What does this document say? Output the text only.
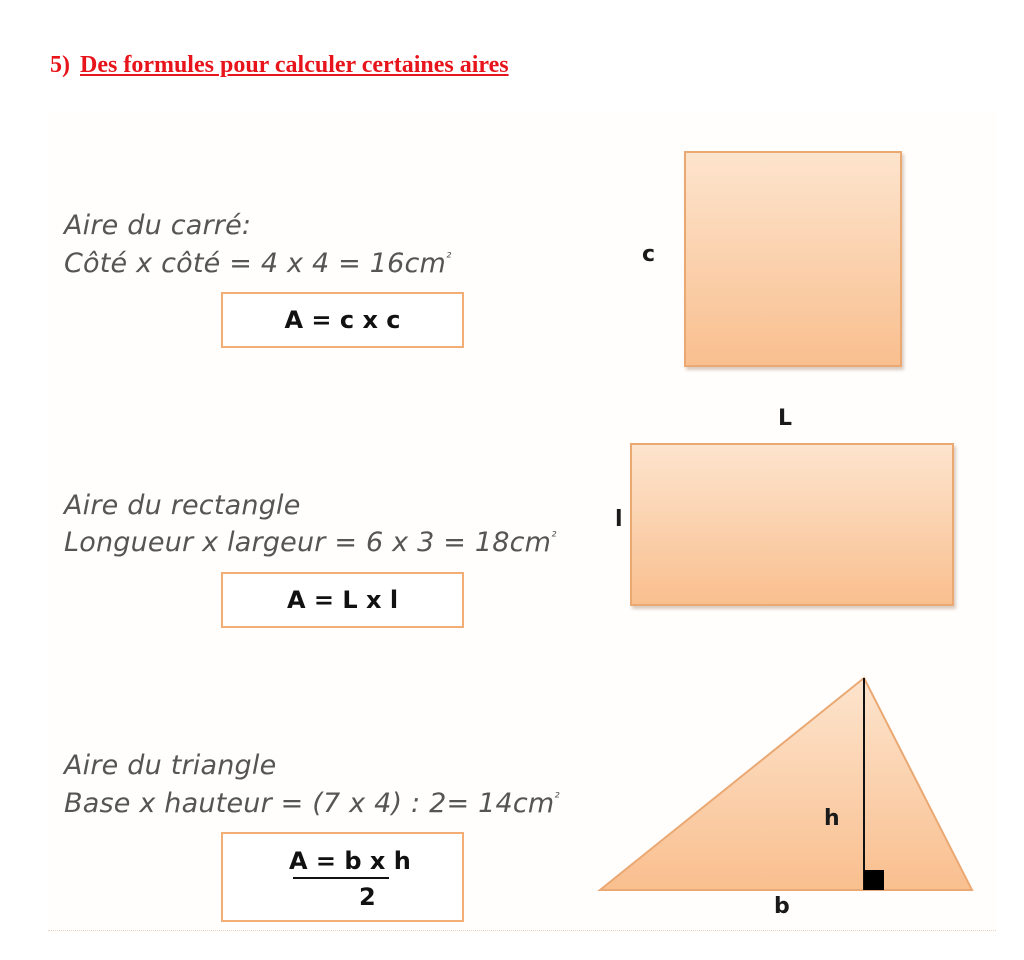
5) Des formules pour calculer certaines aires
Aire du carré:
Côté x côté = 4 x $4 = 16cm^{^2}$
A = c x c
c
Aire du rectangle
Longueur x largeur = 6 x $3 = 18cm^{^2}$
A = L x l
L
l
Aire du triangle
Base x hauteur = (7 x 4) : $2= 14cm^{^2}$
$\frac{\text{A = b x h}}{2}$
h
b
